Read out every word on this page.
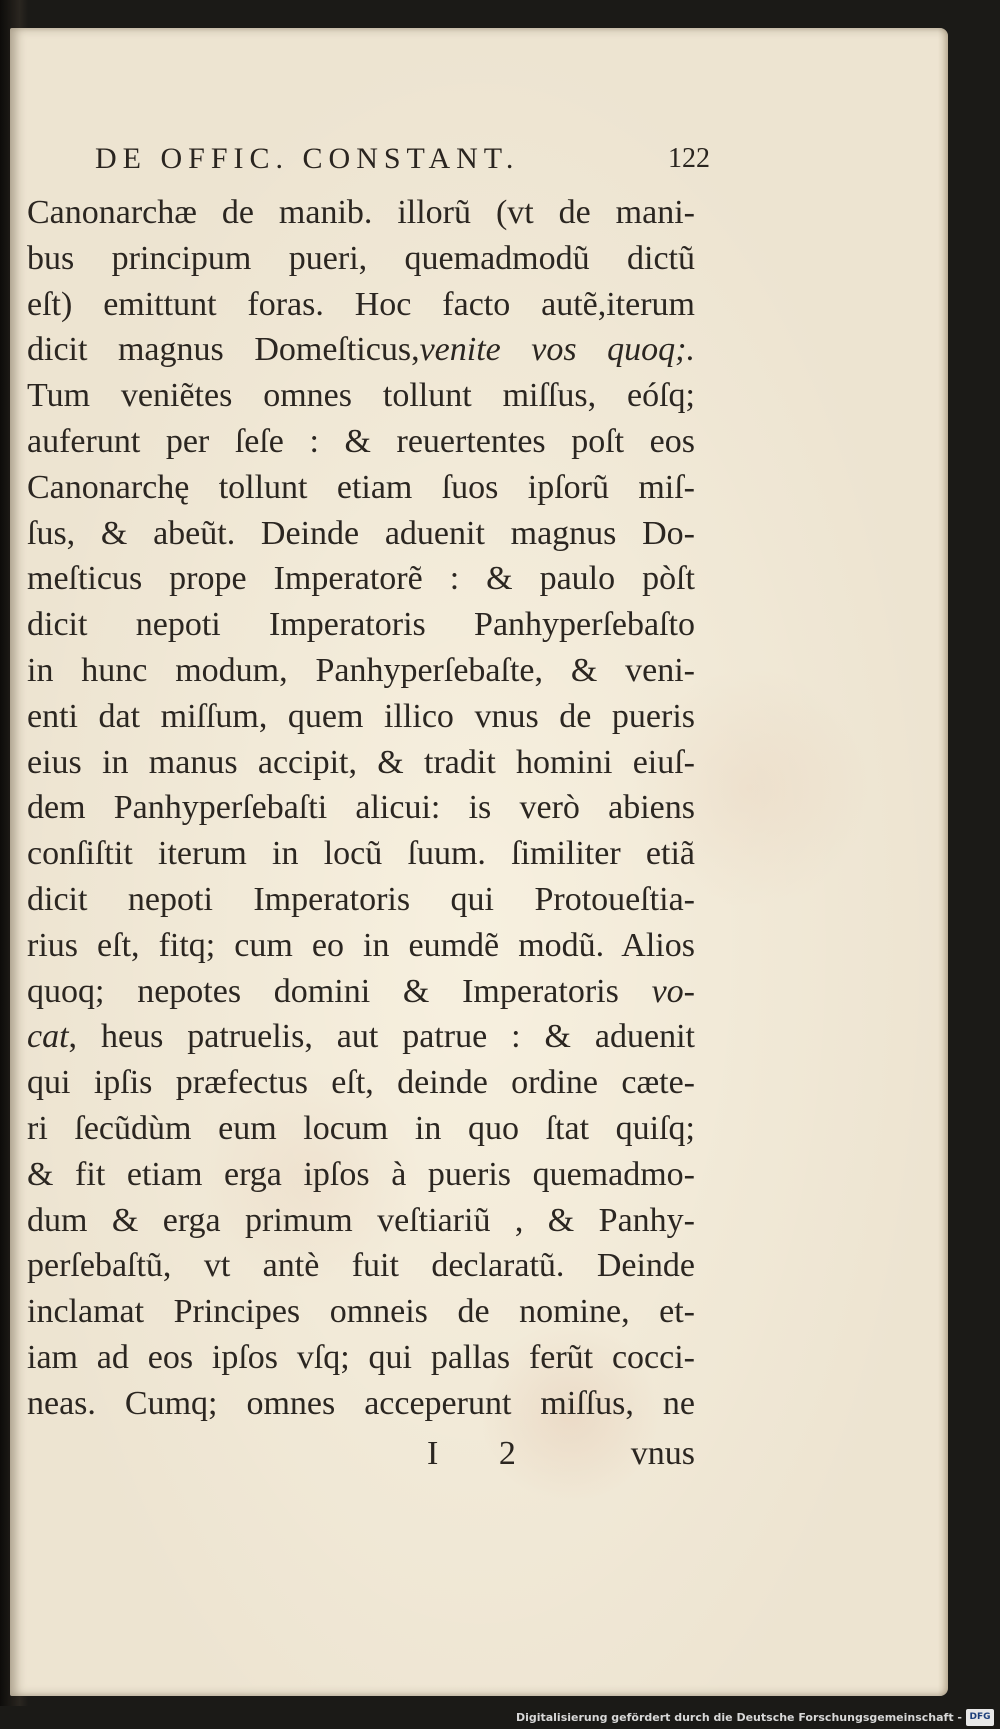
DE OFFIC. CONSTANT.	122
Canonarchæ de manib. illorũ (vt de mani-
bus principum pueri, quemadmodũ dictũ
eſt) emittunt foras. Hoc facto autẽ,iterum
dicit magnus Domeſticus,venite vos quoq;.
Tum veniẽtes omnes tollunt miſſus, eóſq;
auferunt per ſeſe : & reuertentes poſt eos
Canonarchę tollunt etiam ſuos ipſorũ miſ-
ſus, & abeũt. Deinde aduenit magnus Do-
meſticus prope Imperatorẽ : & paulo pòſt
dicit nepoti Imperatoris Panhyperſebaſto
in hunc modum, Panhyperſebaſte, & veni-
enti dat miſſum, quem illico vnus de pueris
eius in manus accipit, & tradit homini eiuſ-
dem Panhyperſebaſti alicui: is verò abiens
conſiſtit iterum in locũ ſuum. ſimiliter etiã
dicit nepoti Imperatoris qui Protoueſtia-
rius eſt, fitq; cum eo in eumdẽ modũ. Alios
quoq; nepotes domini & Imperatoris vo-
cat, heus patruelis, aut patrue : & aduenit
qui ipſis præfectus eſt, deinde ordine cæte-
ri ſecũdùm eum locum in quo ſtat quiſq;
& fit etiam erga ipſos à pueris quemadmo-
dum & erga primum veſtiariũ , & Panhy-
perſebaſtũ, vt antè fuit declaratũ. Deinde
inclamat Principes omneis de nomine, et-
iam ad eos ipſos vſq; qui pallas ferũt cocci-
neas. Cumq; omnes acceperunt miſſus, ne
I 2	vnus
Digitalisierung gefördert durch die Deutsche Forschungsgemeinschaft - DFG
